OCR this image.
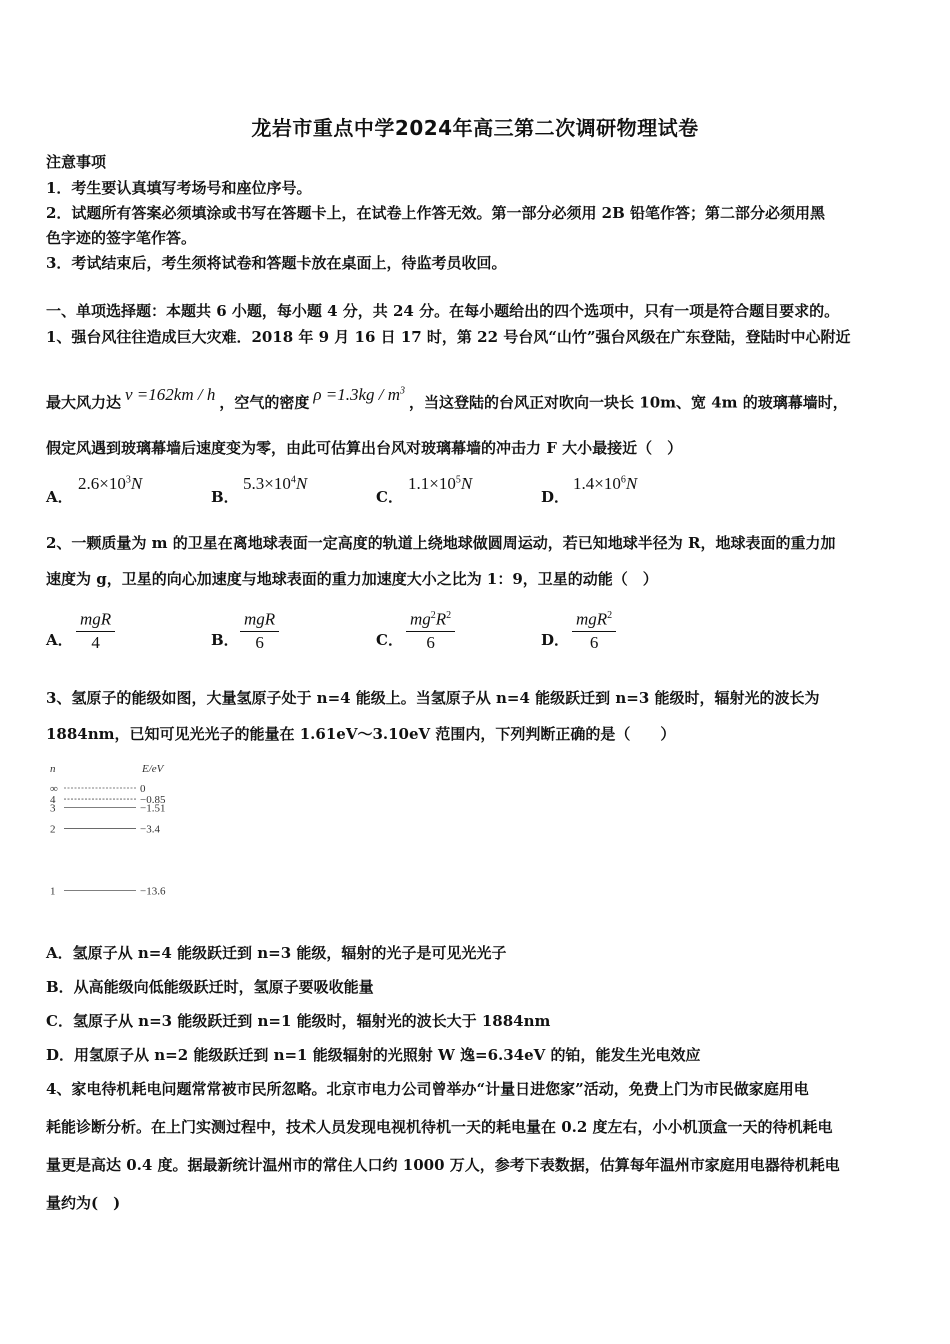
龙岩市重点中学2024年高三第二次调研物理试卷
注意事项
1．考生要认真填写考场号和座位序号。
2．试题所有答案必须填涂或书写在答题卡上，在试卷上作答无效。第一部分必须用 2B 铅笔作答；第二部分必须用黑
色字迹的签字笔作答。
3．考试结束后，考生须将试卷和答题卡放在桌面上，待监考员收回。
一、单项选择题：本题共 6 小题，每小题 4 分，共 24 分。在每小题给出的四个选项中，只有一项是符合题目要求的。
1、强台风往往造成巨大灾难．2018 年 9 月 16 日 17 时，第 22 号台风“山竹”强台风级在广东登陆，登陆时中心附近
最大风力达 v =162km / h ，空气的密度 $\rho =1.3kg / m^3$，当这登陆的台风正对吹向一块长 10m、宽 4m 的玻璃幕墙时，
假定风遇到玻璃幕墙后速度变为零，由此可估算出台风对玻璃幕墙的冲击力 F 大小最接近（　）
A．
$2.6\times 10^3N$
B．
$5.3\times 10^4N$
C．
$1.1\times 10^5N$
D．
$1.4\times 10^6N$
2、一颗质量为 m 的卫星在离地球表面一定高度的轨道上绕地球做圆周运动，若已知地球半径为 R，地球表面的重力加
速度为 g，卫星的向心加速度与地球表面的重力加速度大小之比为 1：9，卫星的动能（　）
A．
mgR
4	B．
mgR
6	C． $\frac{mg^2R^2}{6}$	D．
mgR$^2$
6
3、氢原子的能级如图，大量氢原子处于 n=4 能级上。当氢原子从 n=4 能级跃迁到 n=3 能级时，辐射光的波长为
1884nm，已知可见光光子的能量在 1.61eV～3.10eV 范围内，下列判断正确的是（　　）
n	E/eV
∞	0
4	−0.85
3	−1.51
2	−3.4
1	−13.6
A．氢原子从 n=4 能级跃迁到 n=3 能级，辐射的光子是可见光光子
B．从高能级向低能级跃迁时，氢原子要吸收能量
C．氢原子从 n=3 能级跃迁到 n=1 能级时，辐射光的波长大于 1884nm
D．用氢原子从 n=2 能级跃迁到 n=1 能级辐射的光照射 W 逸=6.34eV 的铂，能发生光电效应
4、家电待机耗电问题常常被市民所忽略。北京市电力公司曾举办“计量日进您家”活动，免费上门为市民做家庭用电
耗能诊断分析。在上门实测过程中，技术人员发现电视机待机一天的耗电量在 0.2 度左右，小小机顶盒一天的待机耗电
量更是高达 0.4 度。据最新统计温州市的常住人口约 1000 万人，参考下表数据，估算每年温州市家庭用电器待机耗电
量约为(　)
